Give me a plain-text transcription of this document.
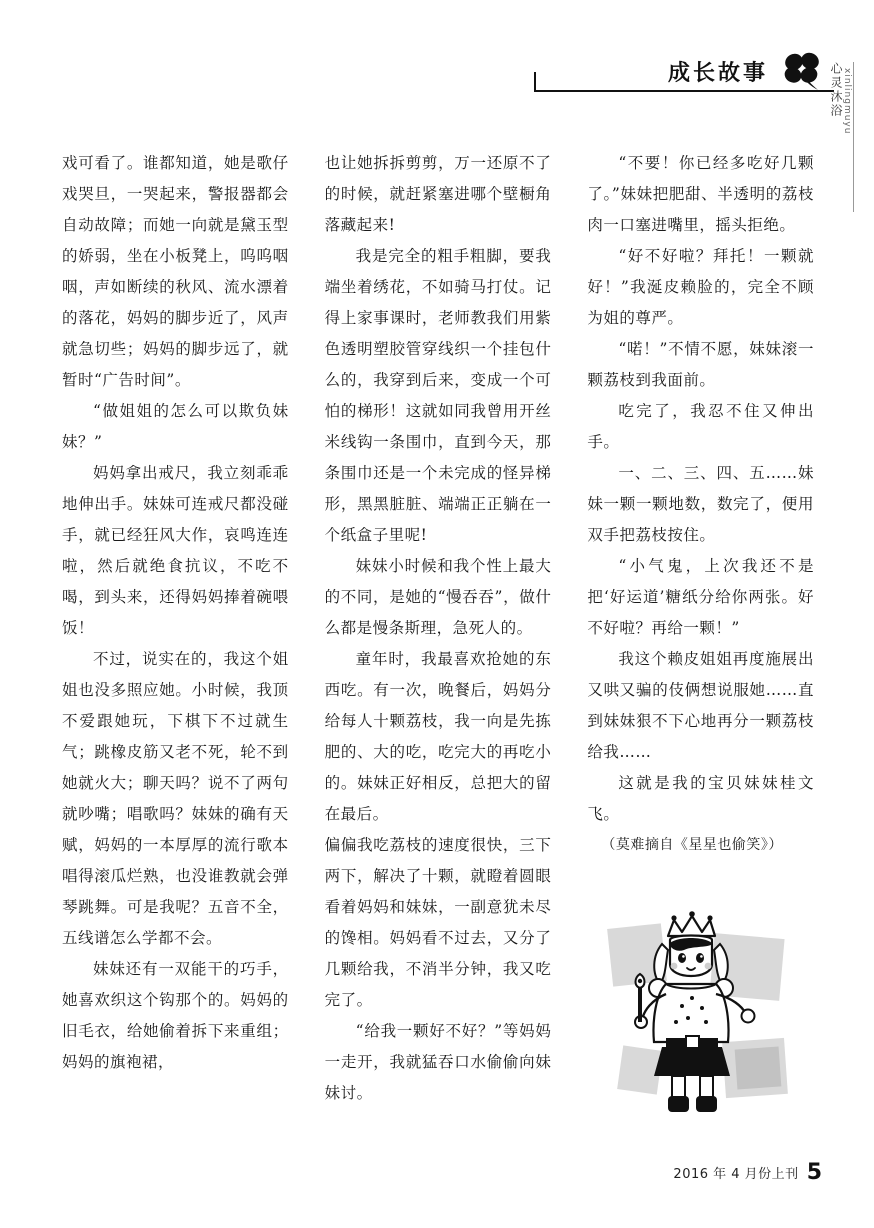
成长故事	心灵沐浴 xinlingmuyu

戏可看了。谁都知道，她是歌仔戏哭旦，一哭起来，警报器都会自动故障；而她一向就是黛玉型的娇弱，坐在小板凳上，呜呜咽咽，声如断续的秋风、流水漂着的落花，妈妈的脚步近了，风声就急切些；妈妈的脚步远了，就暂时“广告时间”。

“做姐姐的怎么可以欺负妹妹？”

妈妈拿出戒尺，我立刻乖乖地伸出手。妹妹可连戒尺都没碰手，就已经狂风大作，哀鸣连连啦，然后就绝食抗议，不吃不喝，到头来，还得妈妈捧着碗喂饭！

不过，说实在的，我这个姐姐也没多照应她。小时候，我顶不爱跟她玩，下棋下不过就生气；跳橡皮筋又老不死，轮不到她就火大；聊天吗？说不了两句就吵嘴；唱歌吗？妹妹的确有天赋，妈妈的一本厚厚的流行歌本唱得滚瓜烂熟，也没谁教就会弹琴跳舞。可是我呢？五音不全，五线谱怎么学都不会。

妹妹还有一双能干的巧手，她喜欢织这个钩那个的。妈妈的旧毛衣，给她偷着拆下来重组；妈妈的旗袍裙，

也让她拆拆剪剪，万一还原不了的时候，就赶紧塞进哪个壁橱角落藏起来!

我是完全的粗手粗脚，要我端坐着绣花，不如骑马打仗。记得上家事课时，老师教我们用紫色透明塑胶管穿线织一个挂包什么的，我穿到后来，变成一个可怕的梯形！这就如同我曾用开丝米线钩一条围巾，直到今天，那条围巾还是一个未完成的怪异梯形，黑黑脏脏、端端正正躺在一个纸盒子里呢!

妹妹小时候和我个性上最大的不同，是她的“慢吞吞”，做什么都是慢条斯理，急死人的。

童年时，我最喜欢抢她的东西吃。有一次，晚餐后，妈妈分给每人十颗荔枝，我一向是先拣肥的、大的吃，吃完大的再吃小的。妹妹正好相反，总把大的留在最后。

偏偏我吃荔枝的速度很快，三下两下，解决了十颗，就瞪着圆眼看着妈妈和妹妹，一副意犹未尽的馋相。妈妈看不过去，又分了几颗给我，不消半分钟，我又吃完了。

“给我一颗好不好？”等妈妈一走开，我就猛吞口水偷偷向妹妹讨。

“不要！你已经多吃好几颗了。”妹妹把肥甜、半透明的荔枝肉一口塞进嘴里，摇头拒绝。

“好不好啦？拜托！一颗就好！”我涎皮赖脸的，完全不顾为姐的尊严。

“喏！”不情不愿，妹妹滚一颗荔枝到我面前。

吃完了，我忍不住又伸出手。

一、二、三、四、五……妹妹一颗一颗地数，数完了，便用双手把荔枝按住。

“小气鬼，上次我还不是把‘好运道’糖纸分给你两张。好不好啦？再给一颗！”

我这个赖皮姐姐再度施展出又哄又骗的伎俩想说服她……直到妹妹狠不下心地再分一颗荔枝给我……

这就是我的宝贝妹妹桂文飞。

（莫难摘自《星星也偷笑》）

2016 年 4 月份上刊 5
